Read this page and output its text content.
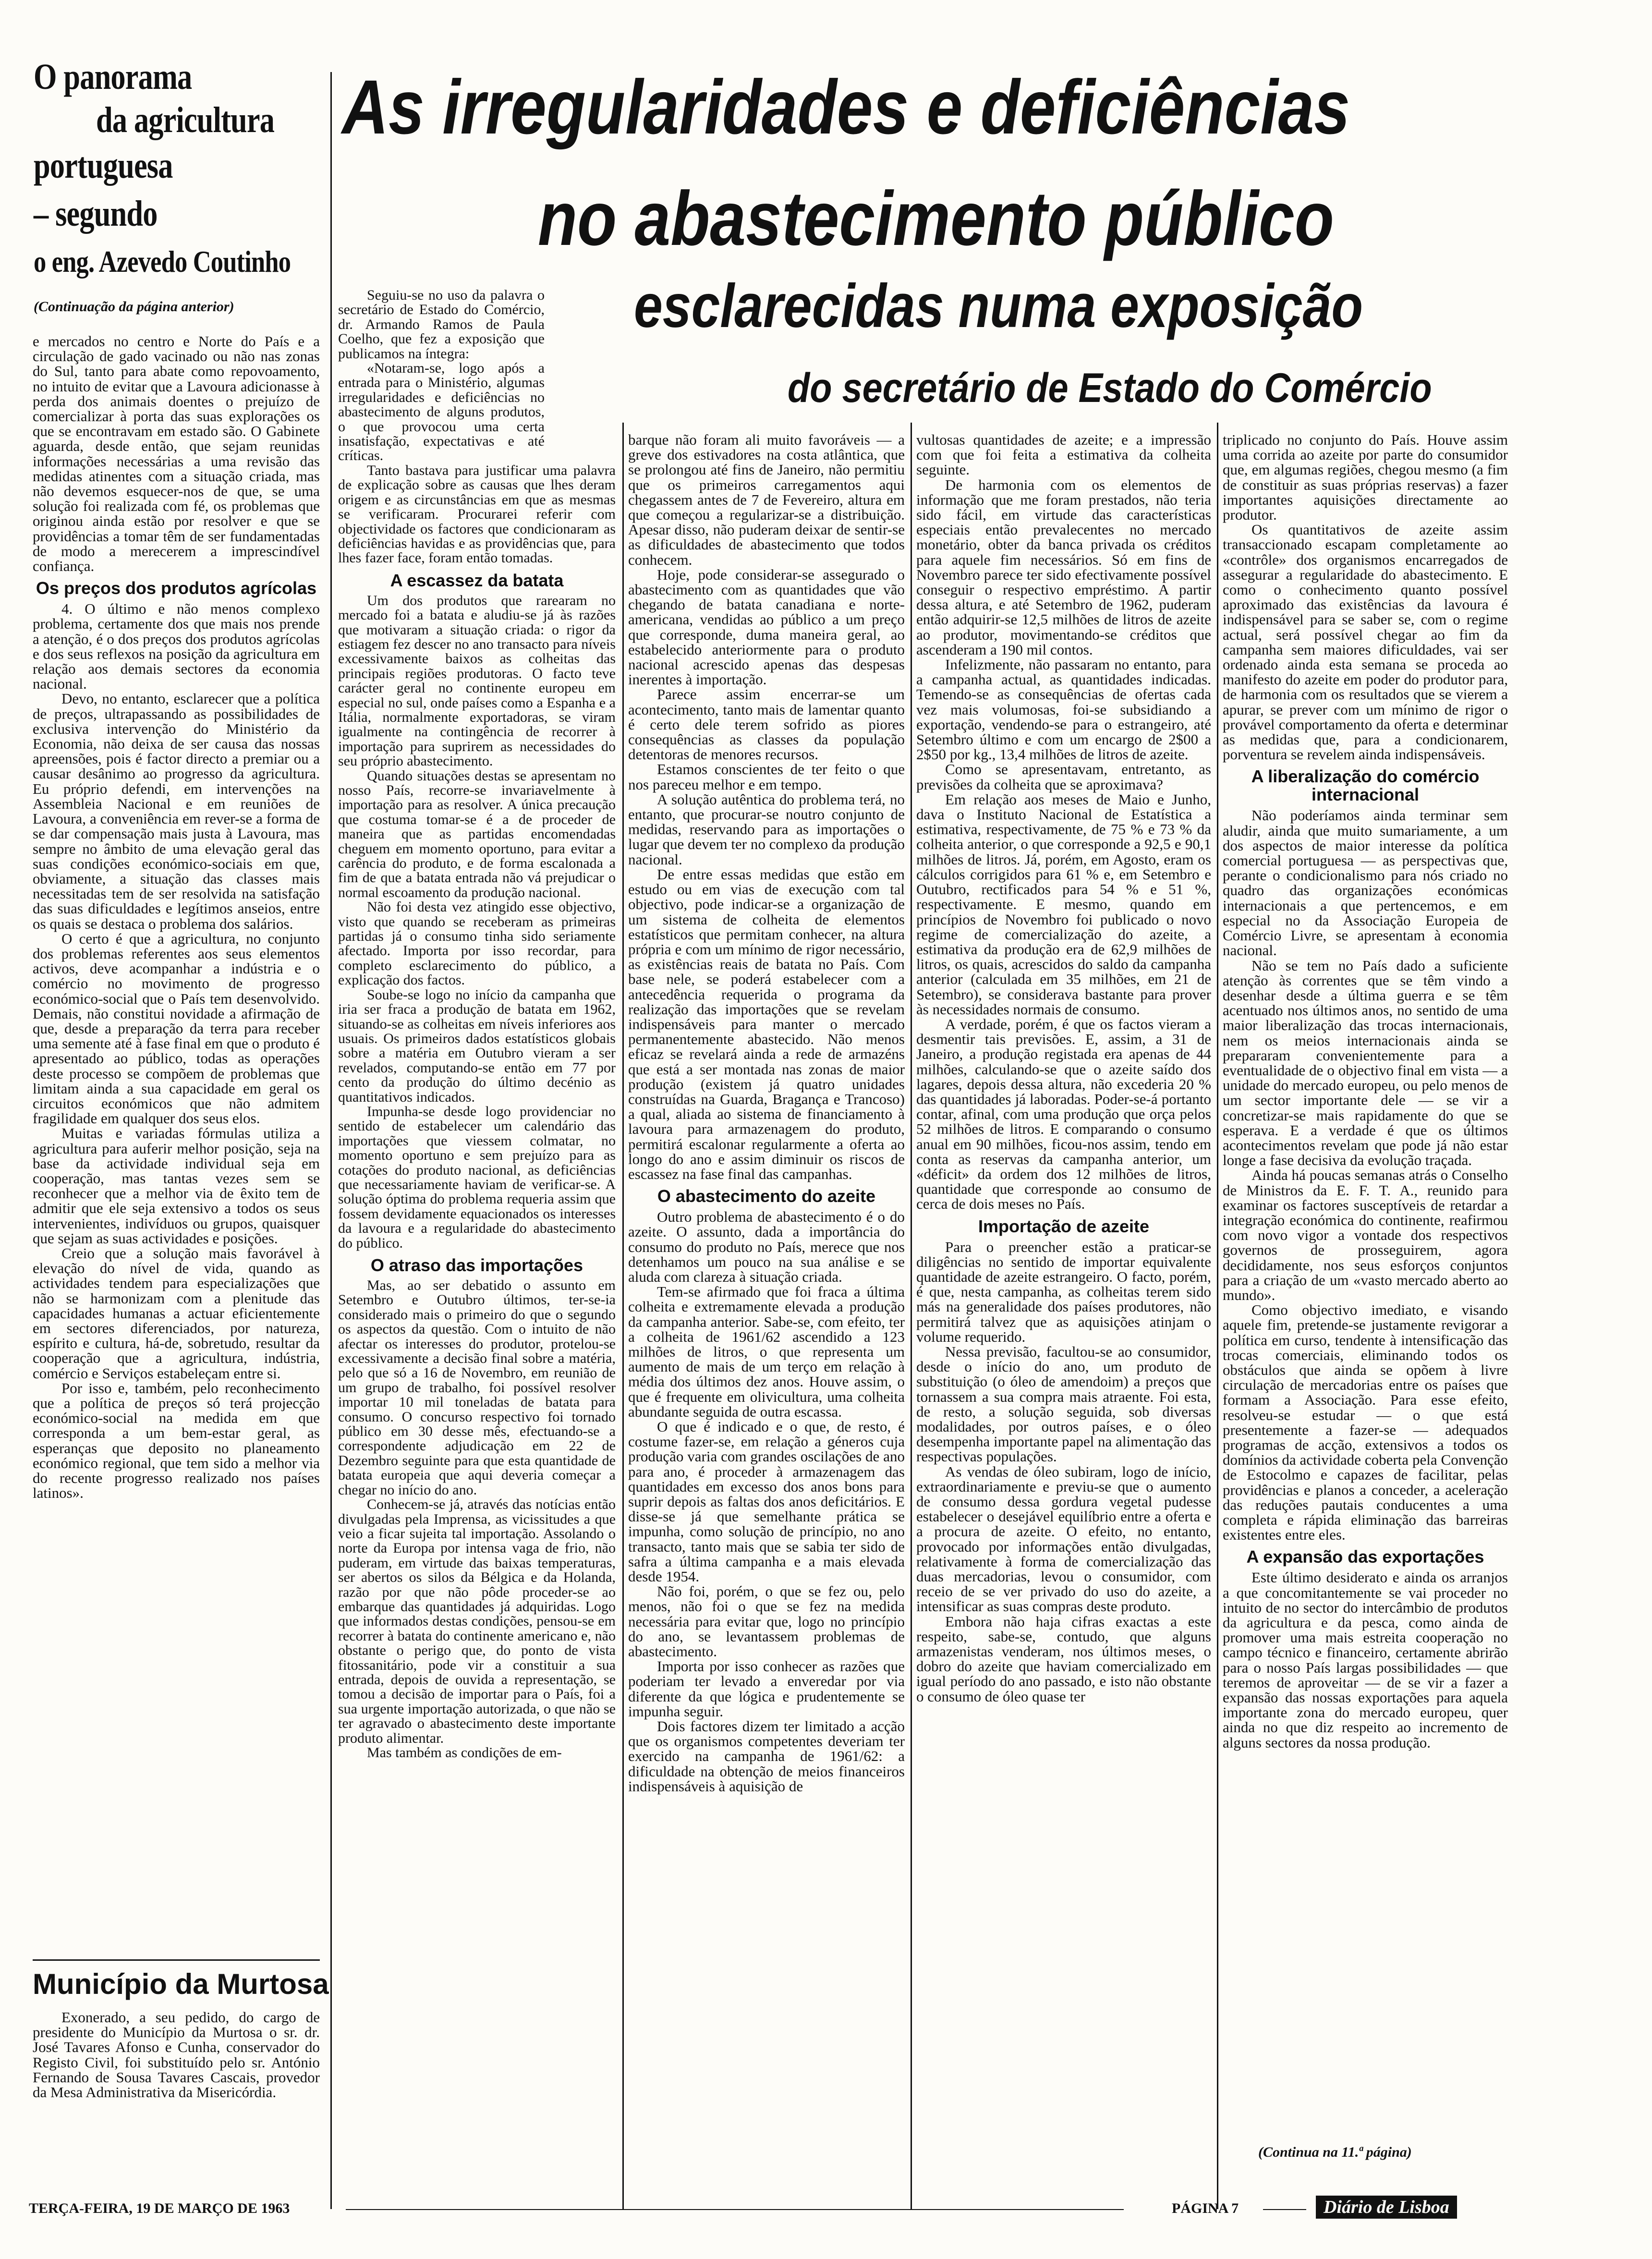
O panorama
da agricultura
portuguesa
– segundo
o eng. Azevedo Coutinho
(Continuação da página anterior)
As irregularidades e deficiências
no abastecimento público
esclarecidas numa exposição
do secretário de Estado do Comércio

e mercados no centro e Norte do País e a circulação de gado vacinado ou não nas zonas do Sul, tanto para abate como repovoamento, no intuito de evitar que a Lavoura adicionasse à perda dos animais doentes o prejuízo de comercializar à porta das suas explorações os que se encontravam em estado são. O Gabinete aguarda, desde então, que sejam reunidas informações necessárias a uma revisão das medidas atinentes com a situação criada, mas não devemos esquecer-nos de que, se uma solução foi realizada com fé, os problemas que originou ainda estão por resolver e que se providências a tomar têm de ser fundamentadas de modo a merecerem a imprescindível confiança.

Os preços dos produtos agrícolas

4. O último e não menos complexo problema, certamente dos que mais nos prende a atenção, é o dos preços dos produtos agrícolas e dos seus reflexos na posição da agricultura em relação aos demais sectores da economia nacional.

Devo, no entanto, esclarecer que a política de preços, ultrapassando as possibilidades de exclusiva intervenção do Ministério da Economia, não deixa de ser causa das nossas apreensões, pois é factor directo a premiar ou a causar desânimo ao progresso da agricultura. Eu próprio defendi, em intervenções na Assembleia Nacional e em reuniões de Lavoura, a conveniência em rever-se a forma de se dar compensação mais justa à Lavoura, mas sempre no âmbito de uma elevação geral das suas condições económico-sociais em que, obviamente, a situação das classes mais necessitadas tem de ser resolvida na satisfação das suas dificuldades e legítimos anseios, entre os quais se destaca o problema dos salários.

O certo é que a agricultura, no conjunto dos problemas referentes aos seus elementos activos, deve acompanhar a indústria e o comércio no movimento de progresso económico-social que o País tem desenvolvido. Demais, não constitui novidade a afirmação de que, desde a preparação da terra para receber uma semente até à fase final em que o produto é apresentado ao público, todas as operações deste processo se compõem de problemas que limitam ainda a sua capacidade em geral os circuitos económicos que não admitem fragilidade em qualquer dos seus elos.

Muitas e variadas fórmulas utiliza a agricultura para auferir melhor posição, seja na base da actividade individual seja em cooperação, mas tantas vezes sem se reconhecer que a melhor via de êxito tem de admitir que ele seja extensivo a todos os seus intervenientes, indivíduos ou grupos, quaisquer que sejam as suas actividades e posições.

Creio que a solução mais favorável à elevação do nível de vida, quando as actividades tendem para especializações que não se harmonizam com a plenitude das capacidades humanas a actuar eficientemente em sectores diferenciados, por natureza, espírito e cultura, há-de, sobretudo, resultar da cooperação que a agricultura, indústria, comércio e Serviços estabeleçam entre si.

Por isso e, também, pelo reconhecimento que a política de preços só terá projecção económico-social na medida em que corresponda a um bem-estar geral, as esperanças que deposito no planeamento económico regional, que tem sido a melhor via do recente progresso realizado nos países latinos».

Município da Murtosa

Exonerado, a seu pedido, do cargo de presidente do Município da Murtosa o sr. dr. José Tavares Afonso e Cunha, conservador do Registo Civil, foi substituído pelo sr. António Fernando de Sousa Tavares Cascais, provedor da Mesa Administrativa da Misericórdia.

Seguiu-se no uso da palavra o secretário de Estado do Comércio, dr. Armando Ramos de Paula Coelho, que fez a exposição que publicamos na íntegra:

«Notaram-se, logo após a entrada para o Ministério, algumas irregularidades e deficiências no abastecimento de alguns produtos, o que provocou uma certa insatisfação, expectativas e até críticas.

Tanto bastava para justificar uma palavra de explicação sobre as causas que lhes deram origem e as circunstâncias em que as mesmas se verificaram. Procurarei referir com objectividade os factores que condicionaram as deficiências havidas e as providências que, para lhes fazer face, foram então tomadas.

A escassez da batata

Um dos produtos que rarearam no mercado foi a batata e aludiu-se já às razões que motivaram a situação criada: o rigor da estiagem fez descer no ano transacto para níveis excessivamente baixos as colheitas das principais regiões produtoras. O facto teve carácter geral no continente europeu em especial no sul, onde países como a Espanha e a Itália, normalmente exportadoras, se viram igualmente na contingência de recorrer à importação para suprirem as necessidades do seu próprio abastecimento.

Quando situações destas se apresentam no nosso País, recorre-se invariavelmente à importação para as resolver. A única precaução que costuma tomar-se é a de proceder de maneira que as partidas encomendadas cheguem em momento oportuno, para evitar a carência do produto, e de forma escalonada a fim de que a batata entrada não vá prejudicar o normal escoamento da produção nacional.

Não foi desta vez atingido esse objectivo, visto que quando se receberam as primeiras partidas já o consumo tinha sido seriamente afectado. Importa por isso recordar, para completo esclarecimento do público, a explicação dos factos.

Soube-se logo no início da campanha que iria ser fraca a produção de batata em 1962, situando-se as colheitas em níveis inferiores aos usuais. Os primeiros dados estatísticos globais sobre a matéria em Outubro vieram a ser revelados, computando-se então em 77 por cento da produção do último decénio as quantitativos indicados.

Impunha-se desde logo providenciar no sentido de estabelecer um calendário das importações que viessem colmatar, no momento oportuno e sem prejuízo para as cotações do produto nacional, as deficiências que necessariamente haviam de verificar-se. A solução óptima do problema requeria assim que fossem devidamente equacionados os interesses da lavoura e a regularidade do abastecimento do público.

O atraso das importações

Mas, ao ser debatido o assunto em Setembro e Outubro últimos, ter-se-ia considerado mais o primeiro do que o segundo os aspectos da questão. Com o intuito de não afectar os interesses do produtor, protelou-se excessivamente a decisão final sobre a matéria, pelo que só a 16 de Novembro, em reunião de um grupo de trabalho, foi possível resolver importar 10 mil toneladas de batata para consumo. O concurso respectivo foi tornado público em 30 desse mês, efectuando-se a correspondente adjudicação em 22 de Dezembro seguinte para que esta quantidade de batata europeia que aqui deveria começar a chegar no início do ano.

Conhecem-se já, através das notícias então divulgadas pela Imprensa, as vicissitudes a que veio a ficar sujeita tal importação. Assolando o norte da Europa por intensa vaga de frio, não puderam, em virtude das baixas temperaturas, ser abertos os silos da Bélgica e da Holanda, razão por que não pôde proceder-se ao embarque das quantidades já adquiridas. Logo que informados destas condições, pensou-se em recorrer à batata do continente americano e, não obstante o perigo que, do ponto de vista fitossanitário, pode vir a constituir a sua entrada, depois de ouvida a representação, se tomou a decisão de importar para o País, foi a sua urgente importação autorizada, o que não se ter agravado o abastecimento deste importante produto alimentar.

Mas também as condições de em-

barque não foram ali muito favoráveis — a greve dos estivadores na costa atlântica, que se prolongou até fins de Janeiro, não permitiu que os primeiros carregamentos aqui chegassem antes de 7 de Fevereiro, altura em que começou a regularizar-se a distribuição. Apesar disso, não puderam deixar de sentir-se as dificuldades de abastecimento que todos conhecem.

Hoje, pode considerar-se assegurado o abastecimento com as quantidades que vão chegando de batata canadiana e norte-americana, vendidas ao público a um preço que corresponde, duma maneira geral, ao estabelecido anteriormente para o produto nacional acrescido apenas das despesas inerentes à importação.

Parece assim encerrar-se um acontecimento, tanto mais de lamentar quanto é certo dele terem sofrido as piores consequências as classes da população detentoras de menores recursos.

Estamos conscientes de ter feito o que nos pareceu melhor e em tempo.

A solução autêntica do problema terá, no entanto, que procurar-se noutro conjunto de medidas, reservando para as importações o lugar que devem ter no complexo da produção nacional.

De entre essas medidas que estão em estudo ou em vias de execução com tal objectivo, pode indicar-se a organização de um sistema de colheita de elementos estatísticos que permitam conhecer, na altura própria e com um mínimo de rigor necessário, as existências reais de batata no País. Com base nele, se poderá estabelecer com a antecedência requerida o programa da realização das importações que se revelam indispensáveis para manter o mercado permanentemente abastecido. Não menos eficaz se revelará ainda a rede de armazéns que está a ser montada nas zonas de maior produção (existem já quatro unidades construídas na Guarda, Bragança e Trancoso) a qual, aliada ao sistema de financiamento à lavoura para armazenagem do produto, permitirá escalonar regularmente a oferta ao longo do ano e assim diminuir os riscos de escassez na fase final das campanhas.

O abastecimento do azeite

Outro problema de abastecimento é o do azeite. O assunto, dada a importância do consumo do produto no País, merece que nos detenhamos um pouco na sua análise e se aluda com clareza à situação criada.

Tem-se afirmado que foi fraca a última colheita e extremamente elevada a produção da campanha anterior. Sabe-se, com efeito, ter a colheita de 1961/62 ascendido a 123 milhões de litros, o que representa um aumento de mais de um terço em relação à média dos últimos dez anos. Houve assim, o que é frequente em olivicultura, uma colheita abundante seguida de outra escassa.

O que é indicado e o que, de resto, é costume fazer-se, em relação a géneros cuja produção varia com grandes oscilações de ano para ano, é proceder à armazenagem das quantidades em excesso dos anos bons para suprir depois as faltas dos anos deficitários. E disse-se já que semelhante prática se impunha, como solução de princípio, no ano transacto, tanto mais que se sabia ter sido de safra a última campanha e a mais elevada desde 1954.

Não foi, porém, o que se fez ou, pelo menos, não foi o que se fez na medida necessária para evitar que, logo no princípio do ano, se levantassem problemas de abastecimento.

Importa por isso conhecer as razões que poderiam ter levado a enveredar por via diferente da que lógica e prudentemente se impunha seguir.

Dois factores dizem ter limitado a acção que os organismos competentes deveriam ter exercido na campanha de 1961/62: a dificuldade na obtenção de meios financeiros indispensáveis à aquisição de

vultosas quantidades de azeite; e a impressão com que foi feita a estimativa da colheita seguinte.

De harmonia com os elementos de informação que me foram prestados, não teria sido fácil, em virtude das características especiais então prevalecentes no mercado monetário, obter da banca privada os créditos para aquele fim necessários. Só em fins de Novembro parece ter sido efectivamente possível conseguir o respectivo empréstimo. A partir dessa altura, e até Setembro de 1962, puderam então adquirir-se 12,5 milhões de litros de azeite ao produtor, movimentando-se créditos que ascenderam a 190 mil contos.

Infelizmente, não passaram no entanto, para a campanha actual, as quantidades indicadas. Temendo-se as consequências de ofertas cada vez mais volumosas, foi-se subsidiando a exportação, vendendo-se para o estrangeiro, até Setembro último e com um encargo de 2$00 a 2$50 por kg., 13,4 milhões de litros de azeite.

Como se apresentavam, entretanto, as previsões da colheita que se aproximava?

Em relação aos meses de Maio e Junho, dava o Instituto Nacional de Estatística a estimativa, respectivamente, de 75 % e 73 % da colheita anterior, o que corresponde a 92,5 e 90,1 milhões de litros. Já, porém, em Agosto, eram os cálculos corrigidos para 61 % e, em Setembro e Outubro, rectificados para 54 % e 51 %, respectivamente. E mesmo, quando em princípios de Novembro foi publicado o novo regime de comercialização do azeite, a estimativa da produção era de 62,9 milhões de litros, os quais, acrescidos do saldo da campanha anterior (calculada em 35 milhões, em 21 de Setembro), se considerava bastante para prover às necessidades normais de consumo.

A verdade, porém, é que os factos vieram a desmentir tais previsões. E, assim, a 31 de Janeiro, a produção registada era apenas de 44 milhões, calculando-se que o azeite saído dos lagares, depois dessa altura, não excederia 20 % das quantidades já laboradas. Poder-se-á portanto contar, afinal, com uma produção que orça pelos 52 milhões de litros. E comparando o consumo anual em 90 milhões, ficou-nos assim, tendo em conta as reservas da campanha anterior, um «déficit» da ordem dos 12 milhões de litros, quantidade que corresponde ao consumo de cerca de dois meses no País.

Importação de azeite

Para o preencher estão a praticar-se diligências no sentido de importar equivalente quantidade de azeite estrangeiro. O facto, porém, é que, nesta campanha, as colheitas terem sido más na generalidade dos países produtores, não permitirá talvez que as aquisições atinjam o volume requerido.

Nessa previsão, facultou-se ao consumidor, desde o início do ano, um produto de substituição (o óleo de amendoim) a preços que tornassem a sua compra mais atraente. Foi esta, de resto, a solução seguida, sob diversas modalidades, por outros países, e o óleo desempenha importante papel na alimentação das respectivas populações.

As vendas de óleo subiram, logo de início, extraordinariamente e previu-se que o aumento de consumo dessa gordura vegetal pudesse estabelecer o desejável equilíbrio entre a oferta e a procura de azeite. O efeito, no entanto, provocado por informações então divulgadas, relativamente à forma de comercialização das duas mercadorias, levou o consumidor, com receio de se ver privado do uso do azeite, a intensificar as suas compras deste produto.

Embora não haja cifras exactas a este respeito, sabe-se, contudo, que alguns armazenistas venderam, nos últimos meses, o dobro do azeite que haviam comercializado em igual período do ano passado, e isto não obstante o consumo de óleo quase ter

triplicado no conjunto do País. Houve assim uma corrida ao azeite por parte do consumidor que, em algumas regiões, chegou mesmo (a fim de constituir as suas próprias reservas) a fazer importantes aquisições directamente ao produtor.

Os quantitativos de azeite assim transaccionado escapam completamente ao «contrôle» dos organismos encarregados de assegurar a regularidade do abastecimento. E como o conhecimento quanto possível aproximado das existências da lavoura é indispensável para se saber se, com o regime actual, será possível chegar ao fim da campanha sem maiores dificuldades, vai ser ordenado ainda esta semana se proceda ao manifesto do azeite em poder do produtor para, de harmonia com os resultados que se vierem a apurar, se prever com um mínimo de rigor o provável comportamento da oferta e determinar as medidas que, para a condicionarem, porventura se revelem ainda indispensáveis.

A liberalização do comércio internacional

Não poderíamos ainda terminar sem aludir, ainda que muito sumariamente, a um dos aspectos de maior interesse da política comercial portuguesa — as perspectivas que, perante o condicionalismo para nós criado no quadro das organizações económicas internacionais a que pertencemos, e em especial no da Associação Europeia de Comércio Livre, se apresentam à economia nacional.

Não se tem no País dado a suficiente atenção às correntes que se têm vindo a desenhar desde a última guerra e se têm acentuado nos últimos anos, no sentido de uma maior liberalização das trocas internacionais, nem os meios internacionais ainda se prepararam convenientemente para a eventualidade de o objectivo final em vista — a unidade do mercado europeu, ou pelo menos de um sector importante dele — se vir a concretizar-se mais rapidamente do que se esperava. E a verdade é que os últimos acontecimentos revelam que pode já não estar longe a fase decisiva da evolução traçada.

Ainda há poucas semanas atrás o Conselho de Ministros da E. F. T. A., reunido para examinar os factores susceptíveis de retardar a integração económica do continente, reafirmou com novo vigor a vontade dos respectivos governos de prosseguirem, agora decididamente, nos seus esforços conjuntos para a criação de um «vasto mercado aberto ao mundo».

Como objectivo imediato, e visando aquele fim, pretende-se justamente revigorar a política em curso, tendente à intensificação das trocas comerciais, eliminando todos os obstáculos que ainda se opõem à livre circulação de mercadorias entre os países que formam a Associação. Para esse efeito, resolveu-se estudar — o que está presentemente a fazer-se — adequados programas de acção, extensivos a todos os domínios da actividade coberta pela Convenção de Estocolmo e capazes de facilitar, pelas providências e planos a conceder, a aceleração das reduções pautais conducentes a uma completa e rápida eliminação das barreiras existentes entre eles.

A expansão das exportações

Este último desiderato e ainda os arranjos a que concomitantemente se vai proceder no intuito de no sector do intercâmbio de produtos da agricultura e da pesca, como ainda de promover uma mais estreita cooperação no campo técnico e financeiro, certamente abrirão para o nosso País largas possibilidades — que teremos de aproveitar — de se vir a fazer a expansão das nossas exportações para aquela importante zona do mercado europeu, quer ainda no que diz respeito ao incremento de alguns sectores da nossa produção.

(Continua na 11.ª página)
TERÇA-FEIRA, 19 DE MARÇO DE 1963	PÁGINA 7	Diário de Lisboa
